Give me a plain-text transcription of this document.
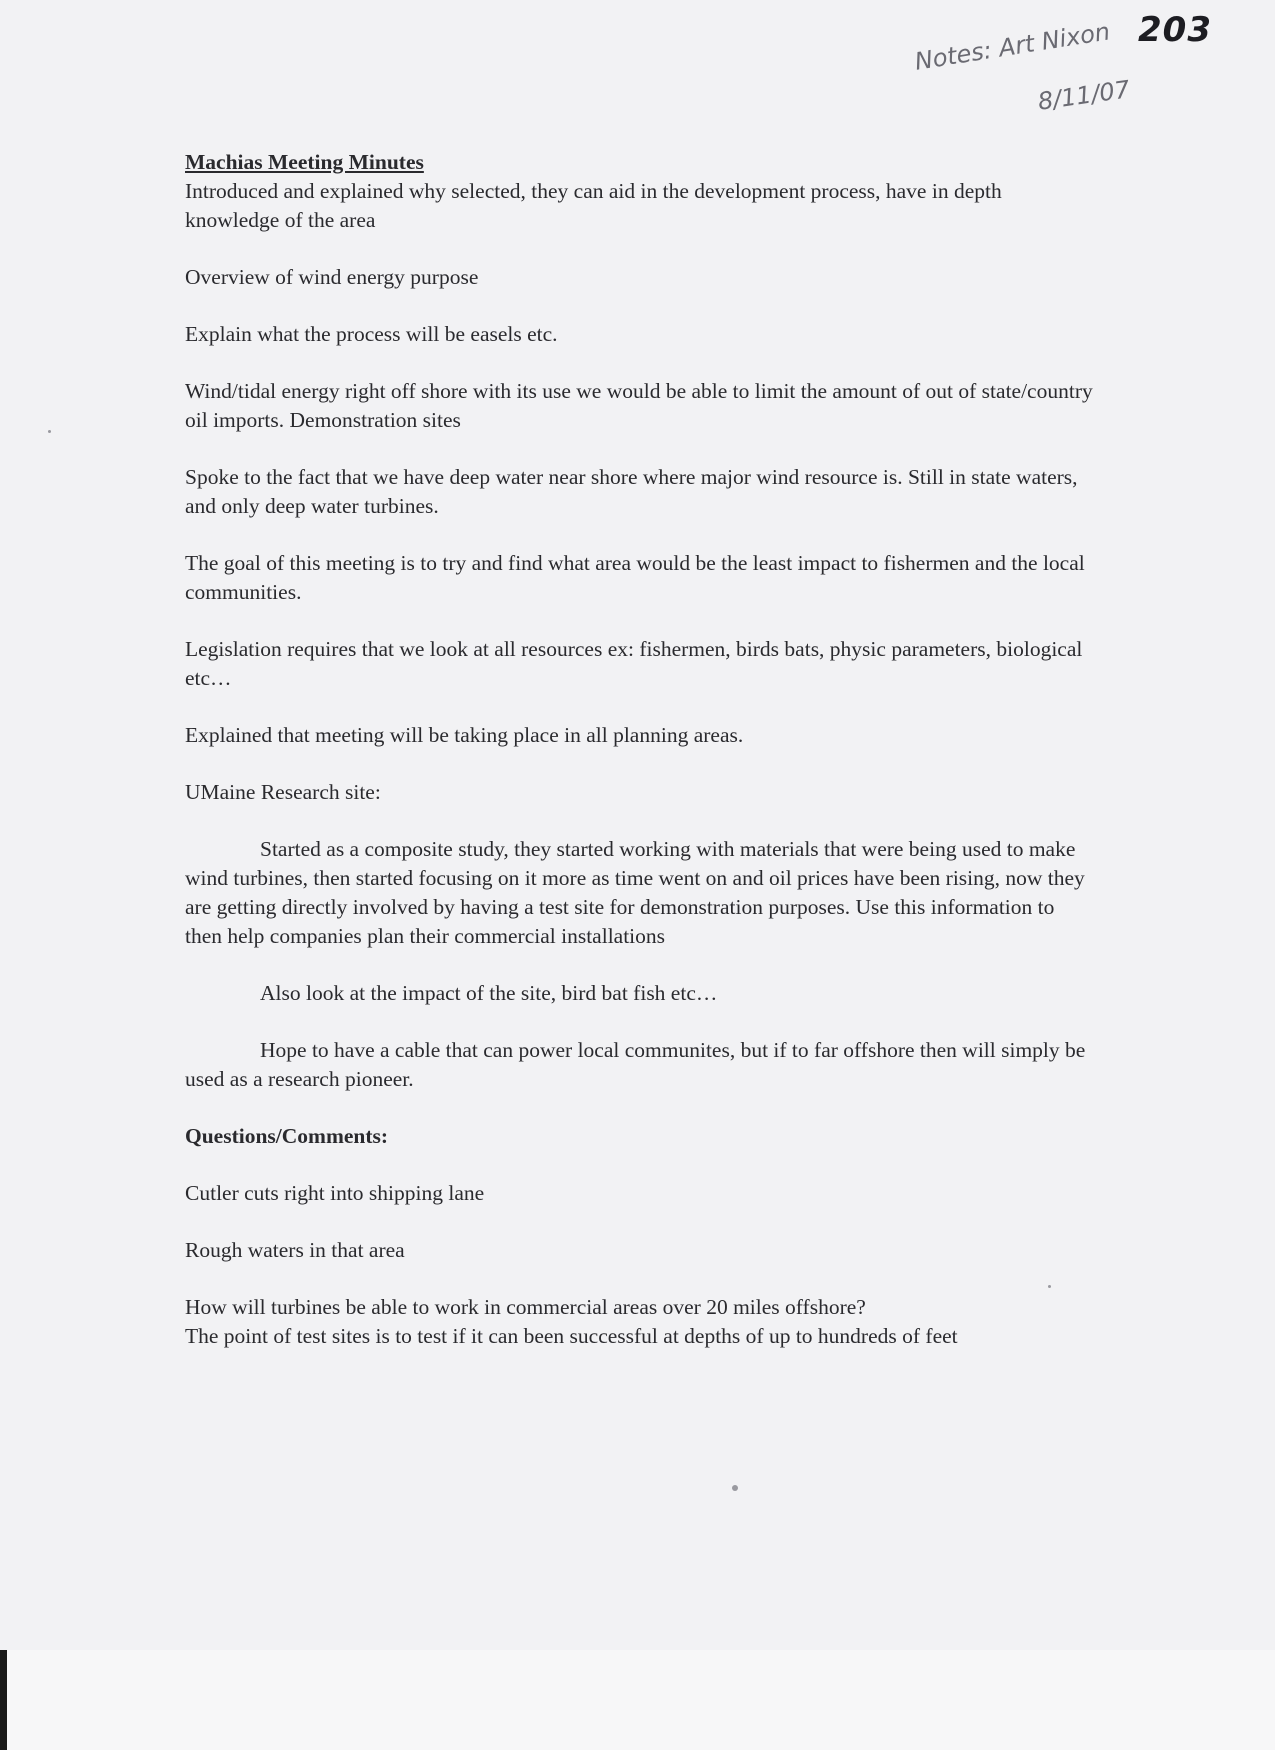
203
Notes: Art Nixon
8/11/07
Machias Meeting Minutes

Introduced and explained why selected, they can aid in the development process, have in depth knowledge of the area

Overview of wind energy purpose

Explain what the process will be easels etc.

Wind/tidal energy right off shore with its use we would be able to limit the amount of out of state/country oil imports. Demonstration sites

Spoke to the fact that we have deep water near shore where major wind resource is. Still in state waters, and only deep water turbines.

The goal of this meeting is to try and find what area would be the least impact to fishermen and the local communities.

Legislation requires that we look at all resources ex: fishermen, birds bats, physic parameters, biological etc…

Explained that meeting will be taking place in all planning areas.

UMaine Research site:

Started as a composite study, they started working with materials that were being used to make wind turbines, then started focusing on it more as time went on and oil prices have been rising, now they are getting directly involved by having a test site for demonstration purposes. Use this information to then help companies plan their commercial installations

Also look at the impact of the site, bird bat fish etc…

Hope to have a cable that can power local communites, but if to far offshore then will simply be used as a research pioneer.

Questions/Comments:

Cutler cuts right into shipping lane

Rough waters in that area

How will turbines be able to work in commercial areas over 20 miles offshore?

The point of test sites is to test if it can been successful at depths of up to hundreds of feet
